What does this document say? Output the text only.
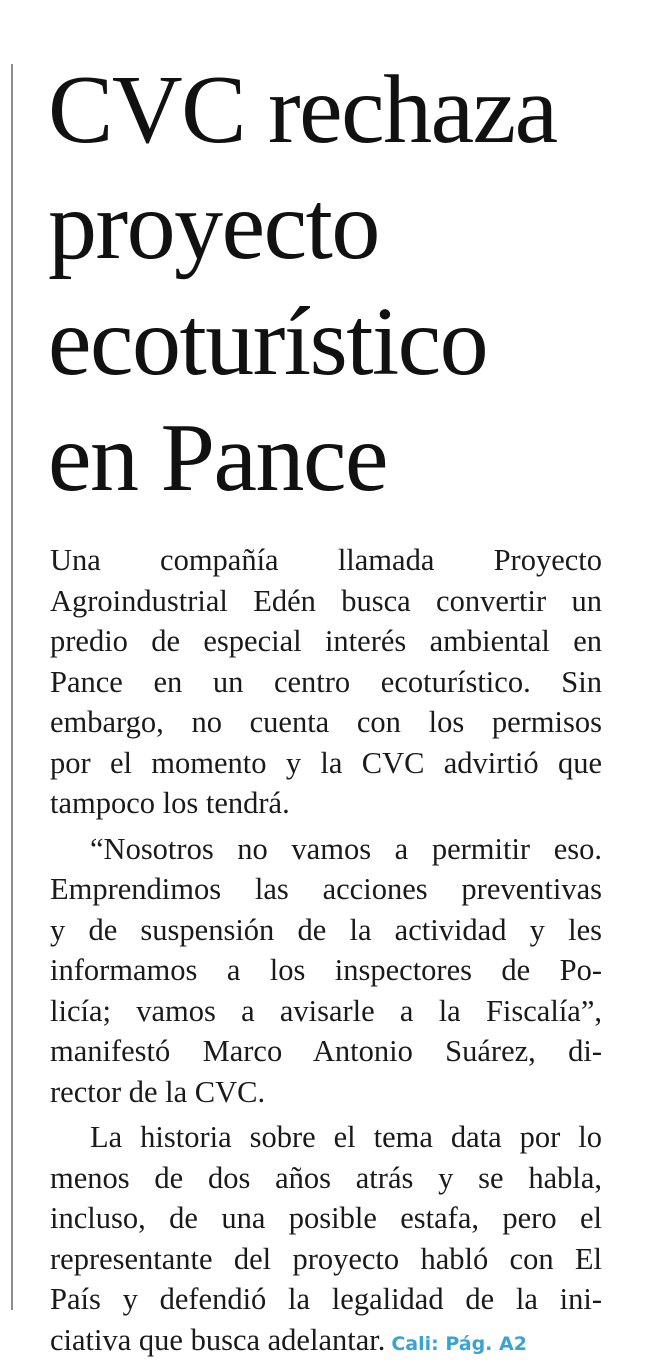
CVC rechaza
proyecto
ecoturístico
en Pance

Una compañía llamada Proyecto
Agroindustrial Edén busca convertir un
predio de especial interés ambiental en
Pance en un centro ecoturístico. Sin
embargo, no cuenta con los permisos
por el momento y la CVC advirtió que
tampoco los tendrá.

“Nosotros no vamos a permitir eso.
Emprendimos las acciones preventivas
y de suspensión de la actividad y les
informamos a los inspectores de Po-
licía; vamos a avisarle a la Fiscalía”,
manifestó Marco Antonio Suárez, di-
rector de la CVC.

La historia sobre el tema data por lo
menos de dos años atrás y se habla,
incluso, de una posible estafa, pero el
representante del proyecto habló con El
País y defendió la legalidad de la ini-
ciativa que busca adelantar. Cali: Pág. A2
